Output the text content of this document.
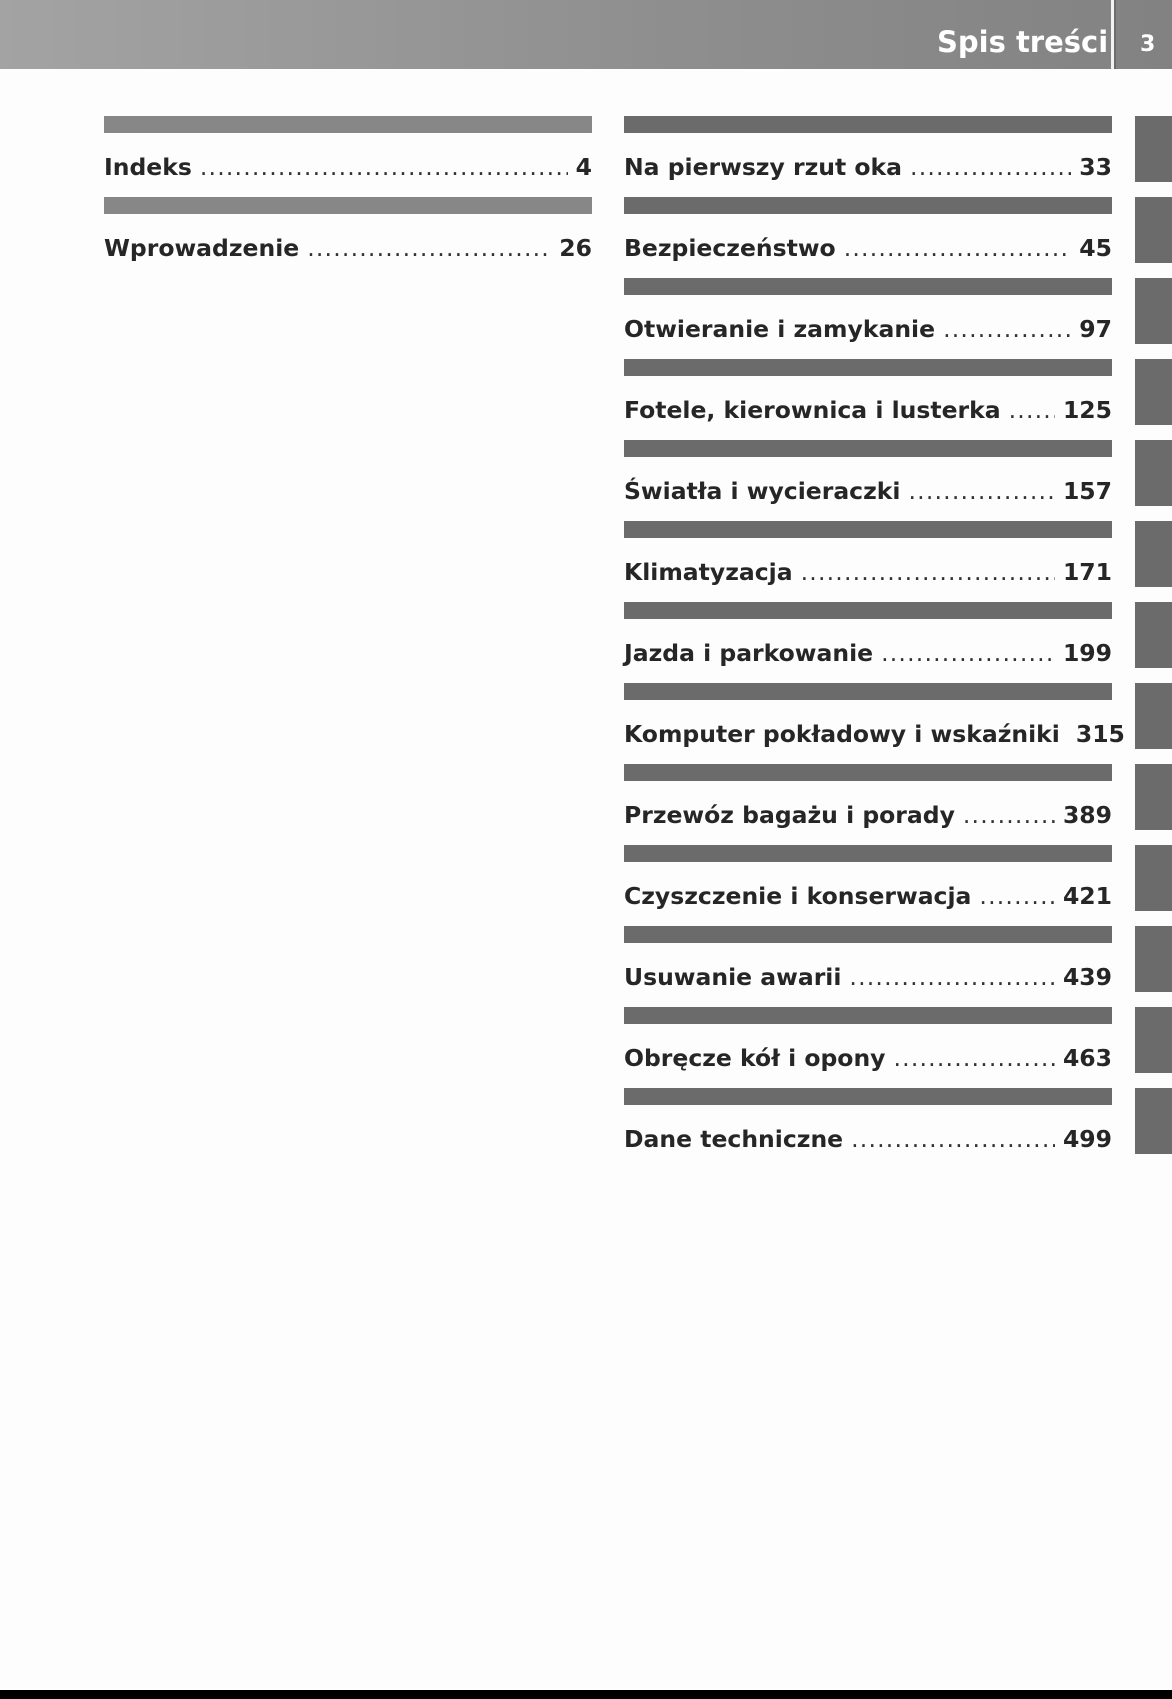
Spis treści 3
Indeks .....	4
Wprowadzenie .....	26
Na pierwszy rzut oka .....	33
Bezpieczeństwo .....	45
Otwieranie i zamykanie .....	97
Fotele, kierownica i lusterka .....	125
Światła i wycieraczki .....	157
Klimatyzacja .....	171
Jazda i parkowanie .....	199
Komputer pokładowy i wskaźniki 315
Przewóz bagażu i porady .....	389
Czyszczenie i konserwacja .....	421
Usuwanie awarii .....	439
Obręcze kół i opony .....	463
Dane techniczne .....	499
